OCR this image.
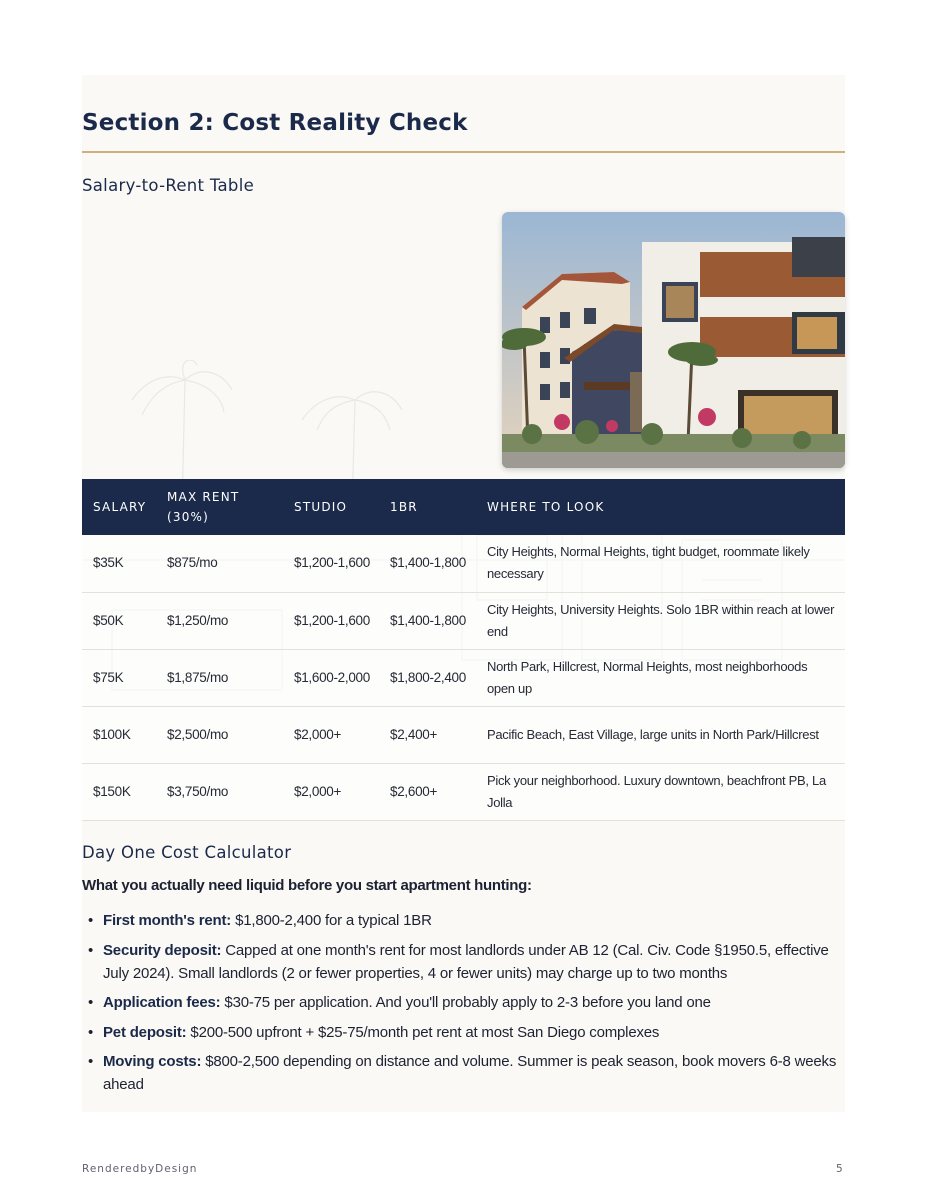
Section 2: Cost Reality Check
Salary-to-Rent Table
SALARY	MAX RENT (30%)	STUDIO	1BR	WHERE TO LOOK
$35K	$875/mo	$1,200-1,600	$1,400-1,800	City Heights, Normal Heights, tight budget, roommate likely necessary
$50K	$1,250/mo	$1,200-1,600	$1,400-1,800	City Heights, University Heights. Solo 1BR within reach at lower end
$75K	$1,875/mo	$1,600-2,000	$1,800-2,400	North Park, Hillcrest, Normal Heights, most neighborhoods open up
$100K	$2,500/mo	$2,000+	$2,400+	Pacific Beach, East Village, large units in North Park/Hillcrest
$150K	$3,750/mo	$2,000+	$2,600+	Pick your neighborhood. Luxury downtown, beachfront PB, La Jolla
Day One Cost Calculator
What you actually need liquid before you start apartment hunting:
• First month's rent: $1,800-2,400 for a typical 1BR
• Security deposit: Capped at one month's rent for most landlords under AB 12 (Cal. Civ. Code §1950.5, effective July 2024). Small landlords (2 or fewer properties, 4 or fewer units) may charge up to two months
• Application fees: $30-75 per application. And you'll probably apply to 2-3 before you land one
• Pet deposit: $200-500 upfront + $25-75/month pet rent at most San Diego complexes
• Moving costs: $800-2,500 depending on distance and volume. Summer is peak season, book movers 6-8 weeks ahead
RenderedbyDesign	5
